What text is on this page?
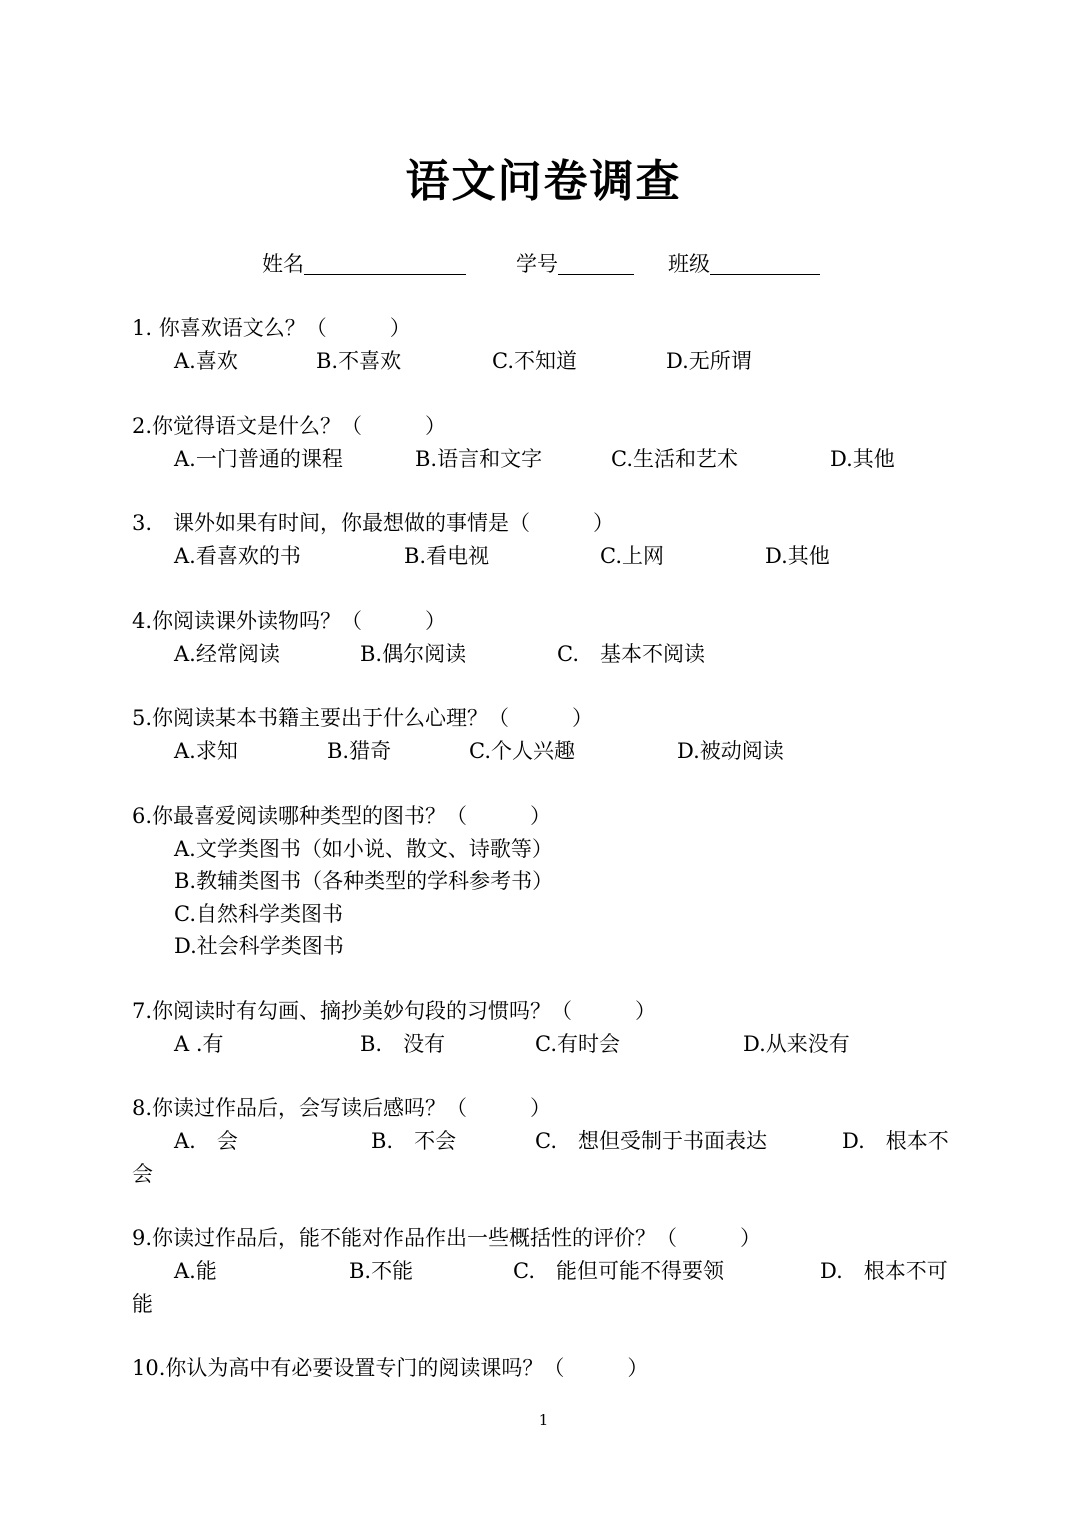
语文问卷调查
姓名	学号	班级
1. 你喜欢语文么？（　　　）
A.喜欢	B.不喜欢	C.不知道	D.无所谓
2.你觉得语文是什么？（　　　）
A.一门普通的课程	B.语言和文字	C.生活和艺术	D.其他
3.　课外如果有时间，你最想做的事情是（　　　）
A.看喜欢的书	B.看电视	C.上网	D.其他
4.你阅读课外读物吗？（　　　）
A.经常阅读	B.偶尔阅读	C.　基本不阅读
5.你阅读某本书籍主要出于什么心理？（　　　）
A.求知	B.猎奇	C.个人兴趣	D.被动阅读
6.你最喜爱阅读哪种类型的图书？（　　　）
A.文学类图书（如小说、散文、诗歌等）
B.教辅类图书（各种类型的学科参考书）
C.自然科学类图书
D.社会科学类图书
7.你阅读时有勾画、摘抄美妙句段的习惯吗？（　　　）
A .有	B.　没有	C.有时会	D.从来没有
8.你读过作品后，会写读后感吗？（　　　）
A.　会	B.　不会	C.　想但受制于书面表达	D.　根本不
会
9.你读过作品后，能不能对作品作出一些概括性的评价？（　　　）
A.能	B.不能	C.　能但可能不得要领	D.　根本不可
能
10.你认为高中有必要设置专门的阅读课吗？（　　　）
1
